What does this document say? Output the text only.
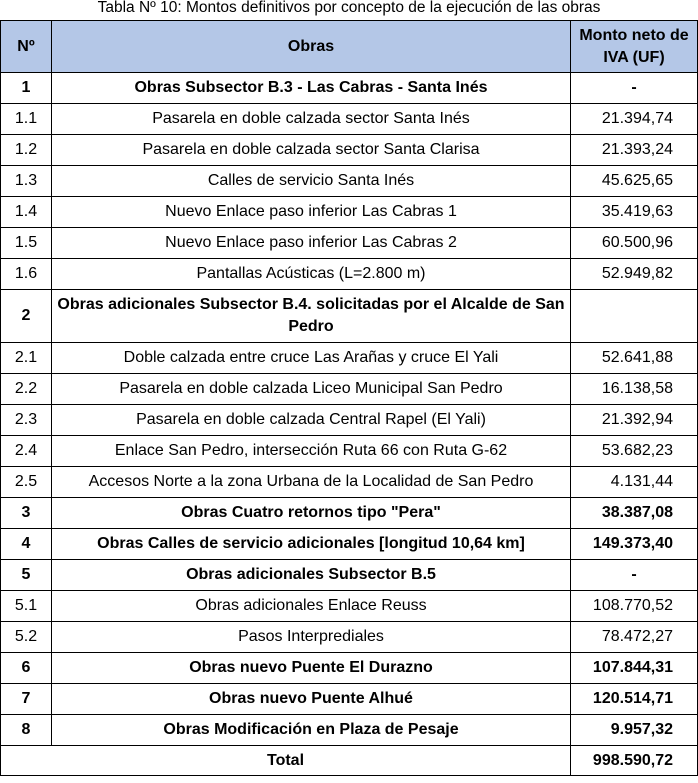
Tabla Nº 10: Montos definitivos por concepto de la ejecución de las obras
Nº	Obras	Monto neto de IVA (UF)
1	Obras Subsector B.3 - Las Cabras - Santa Inés	-
1.1	Pasarela en doble calzada sector Santa Inés	21.394,74
1.2	Pasarela en doble calzada sector Santa Clarisa	21.393,24
1.3	Calles de servicio Santa Inés	45.625,65
1.4	Nuevo Enlace paso inferior Las Cabras 1	35.419,63
1.5	Nuevo Enlace paso inferior Las Cabras 2	60.500,96
1.6	Pantallas Acústicas (L=2.800 m)	52.949,82
2	Obras adicionales Subsector B.4. solicitadas por el Alcalde de San Pedro	
2.1	Doble calzada entre cruce Las Arañas y cruce El Yali	52.641,88
2.2	Pasarela en doble calzada Liceo Municipal San Pedro	16.138,58
2.3	Pasarela en doble calzada Central Rapel (El Yali)	21.392,94
2.4	Enlace San Pedro, intersección Ruta 66 con Ruta G-62	53.682,23
2.5	Accesos Norte a la zona Urbana de la Localidad de San Pedro	4.131,44
3	Obras Cuatro retornos tipo "Pera"	38.387,08
4	Obras Calles de servicio adicionales [longitud 10,64 km]	149.373,40
5	Obras adicionales Subsector B.5	-
5.1	Obras adicionales Enlace Reuss	108.770,52
5.2	Pasos Interprediales	78.472,27
6	Obras nuevo Puente El Durazno	107.844,31
7	Obras nuevo Puente Alhué	120.514,71
8	Obras Modificación en Plaza de Pesaje	9.957,32
Total		998.590,72
